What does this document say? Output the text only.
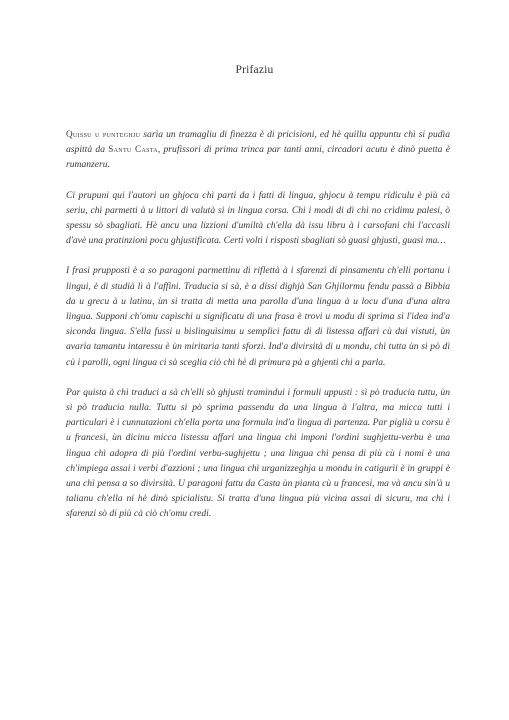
Prifaziu

Quissu u punteghju sarìa un tramagliu di finezza è di pricisioni, ed hè quillu appuntu chì si pudìa aspittà da Santu Casta, prufissori di prima trinca par tanti anni, circadori acutu è dinò puetta è rumanzeru.

Ci prupuni qui l'autori un ghjocu chì parti da i fatti di lingua, ghjocu à tempu ridiculu è più cà seriu, chì parmetti à u littori di valutà sì in lingua corsa. Chì i modi di dì chì no crìdimu palesi, ò spessu sò sbagliati. Hè ancu una lizzioni d'umiltà ch'ella dà issu libru à i carsofani chì l'accasli d'avè una pratinzioni pocu ghjustificata. Certi volti i risposti sbagliati sò guasi ghjusti, guasi ma…

I frasi prupposti è a so paragoni parmettinu di riflettà à i sfarenzi di pinsamentu ch'elli portanu i lingui, è di studià lì à l'affini. Traducia si sà, è a dissi dighjà San Ghjilormu fendu passà a Bìbbia da u grecu à u latinu, ùn si tratta di metta una parolla d'una lingua à u locu d'una d'una altra lingua. Supponi ch'omu capìschi u significatu di una frasa è trovi u modu di sprima sì l'idea ind'a siconda lingua. S'ella fussi u bislinguìsimu u semplici fattu di di listessa affari cù dui vistuti, ùn avarìa tamantu intaressu è ùn miritarìa tanti sforzi. Ind'a divirsità di u mondu, chì tutta ùn si pò dì cù i parolli, ogni lingua ci sà sceglia ciò chì hè di primura pà a ghjenti chì a parla.

Par quista à chì traduci a sà ch'elli sò ghjusti tramindui i formuli uppusti : sì pò traducia tuttu, ùn sì pò traducia nulla. Tuttu sì pò sprima passendu da una lingua à l'altra, ma micca tutti i particulari è i cunnutazioni ch'ella porta una formula ind'a lingua di partenza. Par piglià u corsu è u francesi, ùn dicinu micca listessu affari una lingua chì imponi l'ordini sughjettu-verbu è una lingua chì adopra di più l'ordini verbu-sughjettu ; una lingua chì pensa di più cù i nomi è una ch'impiega assai i verbi d'azzioni ; una lingua chì urganizzeghja u mondu in catigurìi è in gruppi è una chì pensa a so divirsità. U paragoni fattu da Casta ùn pianta cù u francesi, ma và ancu sin'à u talianu ch'ella ni hè dinò spicialistu. Si tratta d'una lingua più vicina assai di sicuru, ma chì i sfarenzi sò di più cà ciò ch'omu credi.
